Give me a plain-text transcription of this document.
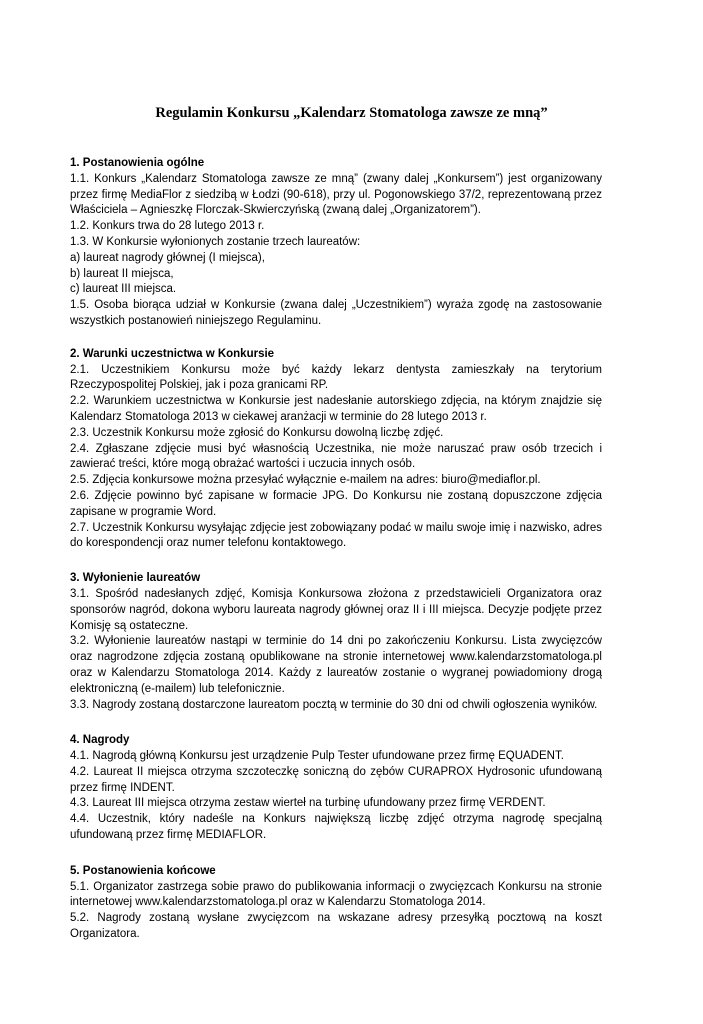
Regulamin Konkursu „Kalendarz Stomatologa zawsze ze mną”

1. Postanowienia ogólne

1.1. Konkurs „Kalendarz Stomatologa zawsze ze mną” (zwany dalej „Konkursem”) jest organizowany przez firmę MediaFlor z siedzibą w Łodzi (90-618), przy ul. Pogonowskiego 37/2, reprezentowaną przez Właściciela – Agnieszkę Florczak-Skwierczyńską (zwaną dalej „Organizatorem”).

1.2. Konkurs trwa do 28 lutego 2013 r.

1.3. W Konkursie wyłonionych zostanie trzech laureatów:

a) laureat nagrody głównej (I miejsca),

b) laureat II miejsca,

c) laureat III miejsca.

1.5. Osoba biorąca udział w Konkursie (zwana dalej „Uczestnikiem”) wyraża zgodę na zastosowanie wszystkich postanowień niniejszego Regulaminu.

2. Warunki uczestnictwa w Konkursie

2.1. Uczestnikiem Konkursu może być każdy lekarz dentysta zamieszkały na terytorium Rzeczypospolitej Polskiej, jak i poza granicami RP.

2.2. Warunkiem uczestnictwa w Konkursie jest nadesłanie autorskiego zdjęcia, na którym znajdzie się Kalendarz Stomatologa 2013 w ciekawej aranżacji w terminie do 28 lutego 2013 r.

2.3. Uczestnik Konkursu może zgłosić do Konkursu dowolną liczbę zdjęć.

2.4. Zgłaszane zdjęcie musi być własnością Uczestnika, nie może naruszać praw osób trzecich i zawierać treści, które mogą obrażać wartości i uczucia innych osób.

2.5. Zdjęcia konkursowe można przesyłać wyłącznie e-mailem na adres: biuro@mediaflor.pl.

2.6. Zdjęcie powinno być zapisane w formacie JPG. Do Konkursu nie zostaną dopuszczone zdjęcia zapisane w programie Word.

2.7. Uczestnik Konkursu wysyłając zdjęcie jest zobowiązany podać w mailu swoje imię i nazwisko, adres do korespondencji oraz numer telefonu kontaktowego.

3. Wyłonienie laureatów

3.1. Spośród nadesłanych zdjęć, Komisja Konkursowa złożona z przedstawicieli Organizatora oraz sponsorów nagród, dokona wyboru laureata nagrody głównej oraz II i III miejsca. Decyzje podjęte przez Komisję są ostateczne.

3.2. Wyłonienie laureatów nastąpi w terminie do 14 dni po zakończeniu Konkursu. Lista zwycięzców oraz nagrodzone zdjęcia zostaną opublikowane na stronie internetowej www.kalendarzstomatologa.pl oraz w Kalendarzu Stomatologa 2014. Każdy z laureatów zostanie o wygranej powiadomiony drogą elektroniczną (e-mailem) lub telefonicznie.

3.3. Nagrody zostaną dostarczone laureatom pocztą w terminie do 30 dni od chwili ogłoszenia wyników.

4. Nagrody

4.1. Nagrodą główną Konkursu jest urządzenie Pulp Tester ufundowane przez firmę EQUADENT.

4.2. Laureat II miejsca otrzyma szczoteczkę soniczną do zębów CURAPROX Hydrosonic ufundowaną przez firmę INDENT.

4.3. Laureat III miejsca otrzyma zestaw wierteł na turbinę ufundowany przez firmę VERDENT.

4.4. Uczestnik, który nadeśle na Konkurs największą liczbę zdjęć otrzyma nagrodę specjalną ufundowaną przez firmę MEDIAFLOR.

5. Postanowienia końcowe

5.1. Organizator zastrzega sobie prawo do publikowania informacji o zwycięzcach Konkursu na stronie internetowej www.kalendarzstomatologa.pl oraz w Kalendarzu Stomatologa 2014.

5.2. Nagrody zostaną wysłane zwycięzcom na wskazane adresy przesyłką pocztową na koszt Organizatora.
